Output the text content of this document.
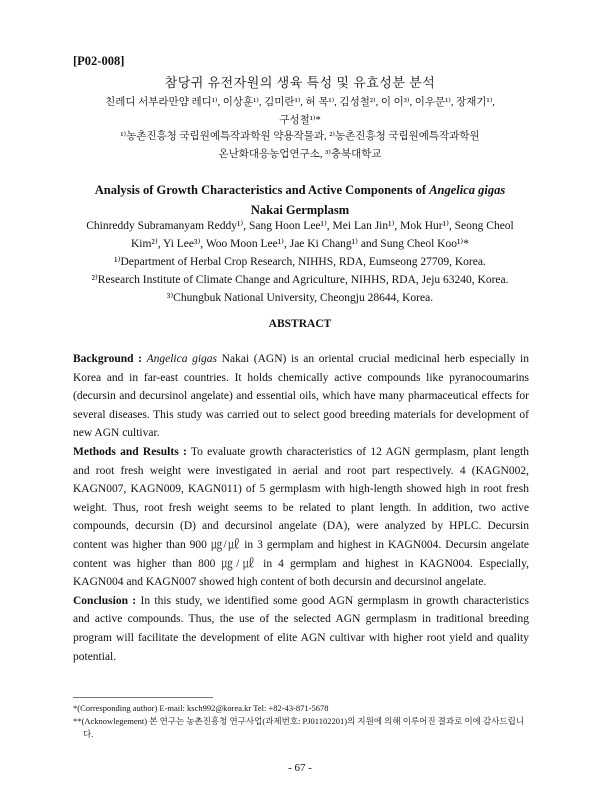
[P02-008]
참당귀 유전자원의 생육 특성 및 유효성분 분석
친레디 서부라만얌 레디¹⁾, 이상훈¹⁾, 김미란¹⁾, 허 목¹⁾, 김성철²⁾, 이 이³⁾, 이우문¹⁾, 장재기¹⁾,
구성철¹⁾*
¹⁾농촌진흥청 국립원예특작과학원 약용작물과, ²⁾농촌진흥청 국립원예특작과학원
온난화대응농업연구소, ³⁾충북대학교
Analysis of Growth Characteristics and Active Components of Angelica gigas
Nakai Germplasm
Chinreddy Subramanyam Reddy¹⁾, Sang Hoon Lee¹⁾, Mei Lan Jin¹⁾, Mok Hur¹⁾, Seong Cheol
Kim²⁾, Yi Lee³⁾, Woo Moon Lee¹⁾, Jae Ki Chang¹⁾ and Sung Cheol Koo¹⁾*
¹⁾Department of Herbal Crop Research, NIHHS, RDA, Eumseong 27709, Korea.
²⁾Research Institute of Climate Change and Agriculture, NIHHS, RDA, Jeju 63240, Korea.
³⁾Chungbuk National University, Cheongju 28644, Korea.
ABSTRACT

Background : Angelica gigas Nakai (AGN) is an oriental crucial medicinal herb especially in Korea and in far-east countries. It holds chemically active compounds like pyranocoumarins (decursin and decursinol angelate) and essential oils, which have many pharmaceutical effects for several diseases. This study was carried out to select good breeding materials for development of new AGN cultivar.

Methods and Results : To evaluate growth characteristics of 12 AGN germplasm, plant length and root fresh weight were investigated in aerial and root part respectively. 4 (KAGN002, KAGN007, KAGN009, KAGN011) of 5 germplasm with high-length showed high in root fresh weight. Thus, root fresh weight seems to be related to plant length. In addition, two active compounds, decursin (D) and decursinol angelate (DA), were analyzed by HPLC. Decursin content was higher than 900 ㎍/㎕ in 3 germplam and highest in KAGN004. Decursin angelate content was higher than 800 ㎍/㎕ in 4 germplam and highest in KAGN004. Especially, KAGN004 and KAGN007 showed high content of both decursin and decursinol angelate.

Conclusion : In this study, we identified some good AGN germplasm in growth characteristics and active compounds. Thus, the use of the selected AGN germplasm in traditional breeding program will facilitate the development of elite AGN cultivar with higher root yield and quality potential.

*(Corresponding author) E-mail: ksch992@korea.kr Tel: +82-43-871-5678
**(Acknowlegement) 본 연구는 농촌진흥청 연구사업(과제번호: PJ01102201)의 지원에 의해 이루어진 결과로 이에 감사드립니다.
- 67 -
